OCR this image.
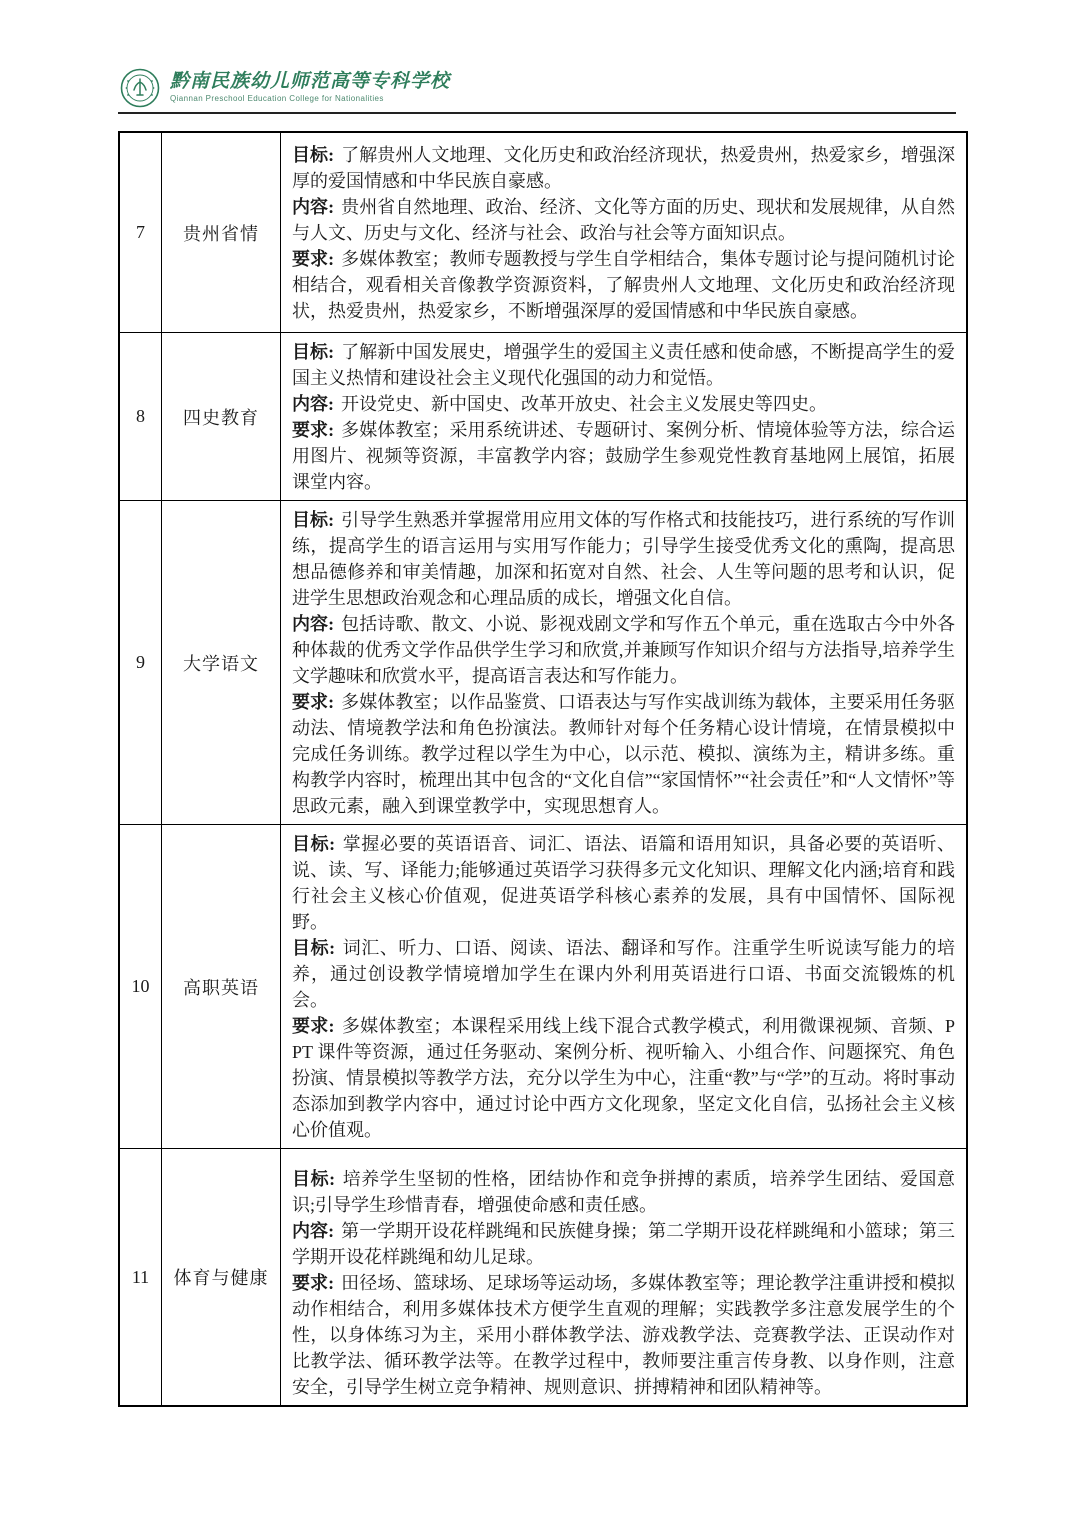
黔南民族幼儿师范高等专科学校
Qiannan Preschool Education College for Nationalities
7	贵州省情	目标: 了解贵州人文地理、文化历史和政治经济现状，热爱贵州，热爱家乡，增强深厚的爱国情感和中华民族自豪感。

内容: 贵州省自然地理、政治、经济、文化等方面的历史、现状和发展规律，从自然与人文、历史与文化、经济与社会、政治与社会等方面知识点。

要求: 多媒体教室；教师专题教授与学生自学相结合，集体专题讨论与提问随机讨论相结合，观看相关音像教学资源资料，了解贵州人文地理、文化历史和政治经济现状，热爱贵州，热爱家乡，不断增强深厚的爱国情感和中华民族自豪感。

8	四史教育	目标: 了解新中国发展史，增强学生的爱国主义责任感和使命感，不断提高学生的爱国主义热情和建设社会主义现代化强国的动力和觉悟。

内容: 开设党史、新中国史、改革开放史、社会主义发展史等四史。

要求: 多媒体教室；采用系统讲述、专题研讨、案例分析、情境体验等方法，综合运用图片、视频等资源，丰富教学内容；鼓励学生参观党性教育基地网上展馆，拓展课堂内容。

9	大学语文	目标: 引导学生熟悉并掌握常用应用文体的写作格式和技能技巧，进行系统的写作训练，提高学生的语言运用与实用写作能力；引导学生接受优秀文化的熏陶，提高思想品德修养和审美情趣，加深和拓宽对自然、社会、人生等问题的思考和认识，促进学生思想政治观念和心理品质的成长，增强文化自信。

内容: 包括诗歌、散文、小说、影视戏剧文学和写作五个单元，重在选取古今中外各种体裁的优秀文学作品供学生学习和欣赏,并兼顾写作知识介绍与方法指导,培养学生文学趣味和欣赏水平，提高语言表达和写作能力。

要求: 多媒体教室；以作品鉴赏、口语表达与写作实战训练为载体，主要采用任务驱动法、情境教学法和角色扮演法。教师针对每个任务精心设计情境，在情景模拟中完成任务训练。教学过程以学生为中心，以示范、模拟、演练为主，精讲多练。重构教学内容时，梳理出其中包含的“文化自信”“家国情怀”“社会责任”和“人文情怀”等思政元素，融入到课堂教学中，实现思想育人。

10	高职英语	目标: 掌握必要的英语语音、词汇、语法、语篇和语用知识，具备必要的英语听、说、读、写、译能力;能够通过英语学习获得多元文化知识、理解文化内涵;培育和践行社会主义核心价值观，促进英语学科核心素养的发展，具有中国情怀、国际视野。

目标: 词汇、听力、口语、阅读、语法、翻译和写作。注重学生听说读写能力的培养，通过创设教学情境增加学生在课内外利用英语进行口语、书面交流锻炼的机会。

要求: 多媒体教室；本课程采用线上线下混合式教学模式，利用微课视频、音频、PPT 课件等资源，通过任务驱动、案例分析、视听输入、小组合作、问题探究、角色扮演、情景模拟等教学方法，充分以学生为中心，注重“教”与“学”的互动。将时事动态添加到教学内容中，通过讨论中西方文化现象，坚定文化自信，弘扬社会主义核心价值观。

11	体育与健康	目标: 培养学生坚韧的性格，团结协作和竞争拼搏的素质，培养学生团结、爱国意识;引导学生珍惜青春，增强使命感和责任感。

内容: 第一学期开设花样跳绳和民族健身操；第二学期开设花样跳绳和小篮球；第三学期开设花样跳绳和幼儿足球。

要求: 田径场、篮球场、足球场等运动场，多媒体教室等；理论教学注重讲授和模拟动作相结合，利用多媒体技术方便学生直观的理解；实践教学多注意发展学生的个性，以身体练习为主，采用小群体教学法、游戏教学法、竞赛教学法、正误动作对比教学法、循环教学法等。在教学过程中，教师要注重言传身教、以身作则，注意安全，引导学生树立竞争精神、规则意识、拼搏精神和团队精神等。
